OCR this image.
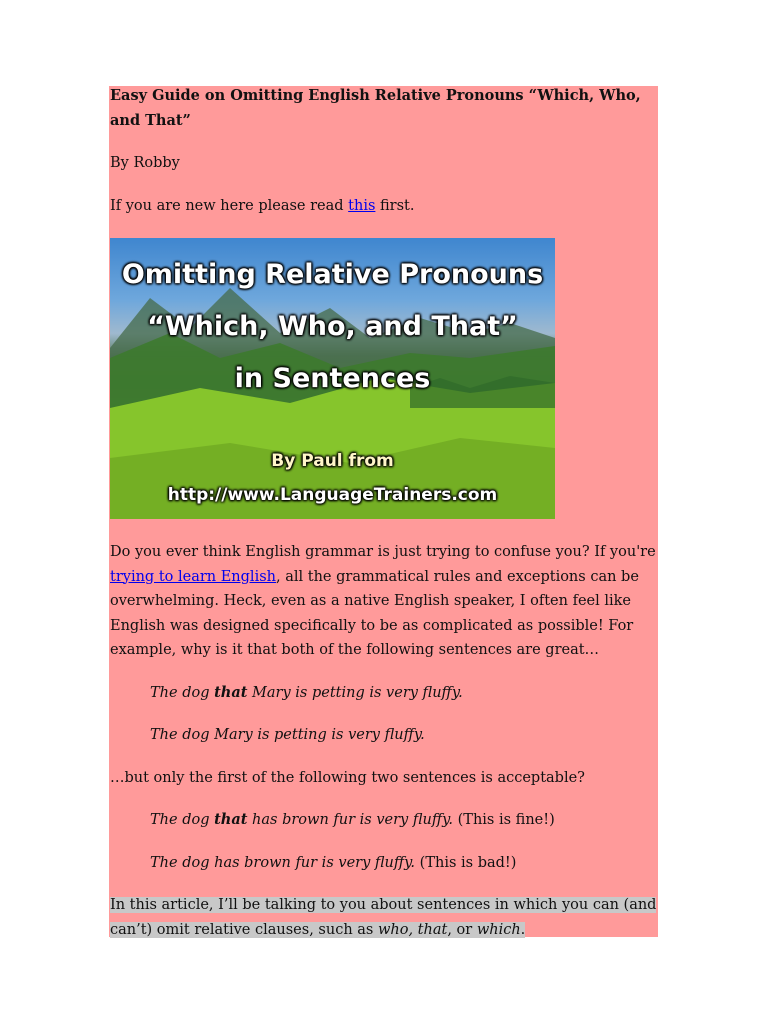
Easy Guide on Omitting English Relative Pronouns “Which, Who, and That”

By Robby

If you are new here please read this first.

Omitting Relative Pronouns
“Which, Who, and That”
in Sentences
By Paul from
http://www.LanguageTrainers.com

Do you ever think English grammar is just trying to confuse you? If you're trying to learn English, all the grammatical rules and exceptions can be overwhelming. Heck, even as a native English speaker, I often feel like English was designed specifically to be as complicated as possible! For example, why is it that both of the following sentences are great…

The dog that Mary is petting is very fluffy.

The dog Mary is petting is very fluffy.

…but only the first of the following two sentences is acceptable?

The dog that has brown fur is very fluffy. (This is fine!)

The dog has brown fur is very fluffy. (This is bad!)

In this article, I’ll be talking to you about sentences in which you can (and can’t) omit relative clauses, such as who, that, or which.
